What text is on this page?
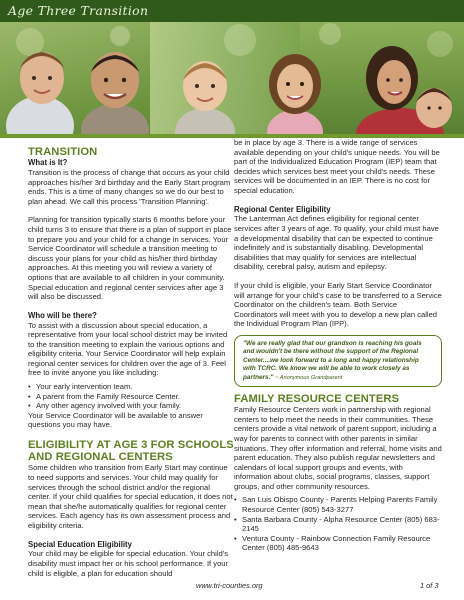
Age Three Transition
TRANSITION
What is It?

Transition is the process of change that occurs as your child approaches his/her 3rd birthday and the Early Start program ends. This is a time of many changes so we do our best to plan ahead. We call this process 'Transition Planning'.

Planning for transition typically starts 6 months before your child turns 3 to ensure that there is a plan of support in place to prepare you and your child for a change in services. Your Service Coordinator will schedule a transition meeting to discuss your plans for your child as his/her third birthday approaches. At this meeting you will review a variety of options that are available to all children in your community. Special education and regional center services after age 3 will also be discussed.

Who will be there?

To assist with a discussion about special education, a representative from your local school district may be invited to the transition meeting to explain the various options and eligibility criteria. Your Service Coordinator will help explain regional center services for children over the age of 3. Feel free to invite anyone you like including:

• Your early intervention team.
• A parent from the Family Resource Center.
• Any other agency involved with your family.

Your Service Coordinator will be available to answer questions you may have.

ELIGIBILITY AT AGE 3 FOR SCHOOLS AND REGIONAL CENTERS

Some children who transition from Early Start may continue to need supports and services. Your child may qualify for services through the school district and/or the regional center. If your child qualifies for special education, it does not mean that she/he automatically qualifies for regional center services. Each agency has its own assessment process and eligibility criteria.

Special Education Eligibility

Your child may be eligible for special education. Your child's disability must impact her or his school performance. If your child is eligible, a plan for education should

be in place by age 3. There is a wide range of services available depending on your child's unique needs. You will be part of the Individualized Education Program (IEP) team that decides which services best meet your child's needs. These services will be documented in an IEP. There is no cost for special education.

Regional Center Eligibility

The Lanterman Act defines eligibility for regional center services after 3 years of age. To qualify, your child must have a developmental disability that can be expected to continue indefinitely and is substantially disabling. Developmental disabilities that may qualify for services are intellectual disability, cerebral palsy, autism and epilepsy.

If your child is eligible, your Early Start Service Coordinator will arrange for your child's case to be transferred to a Service Coordinator on the children's team. Both Service Coordinators will meet with you to develop a new plan called the Individual Program Plan (IPP).

"We are really glad that our grandson is reaching his goals and wouldn't be there without the support of the Regional Center....we look forward to a long and happy relationship with TCRC. We know we will be able to work closely as partners." ~ Anonymous Grandparent
FAMILY RESOURCE CENTERS

Family Resource Centers work in partnership with regional centers to help meet the needs in their communities. These centers provide a vital network of parent support, including a way for parents to connect with other parents in similar situations. They offer information and referral, home visits and parent education. They also publish regular newsletters and calendars of local support groups and events, with information about clubs, social programs, classes, support groups, and other community resources.

• San Luis Obispo County - Parents Helping Parents Family Resource Center (805) 543-3277
• Santa Barbara County - Alpha Resource Center (805) 683-2145
• Ventura County - Rainbow Connection Family Resource Center (805) 485-9643
www.tri-counties.org	1 of 3
